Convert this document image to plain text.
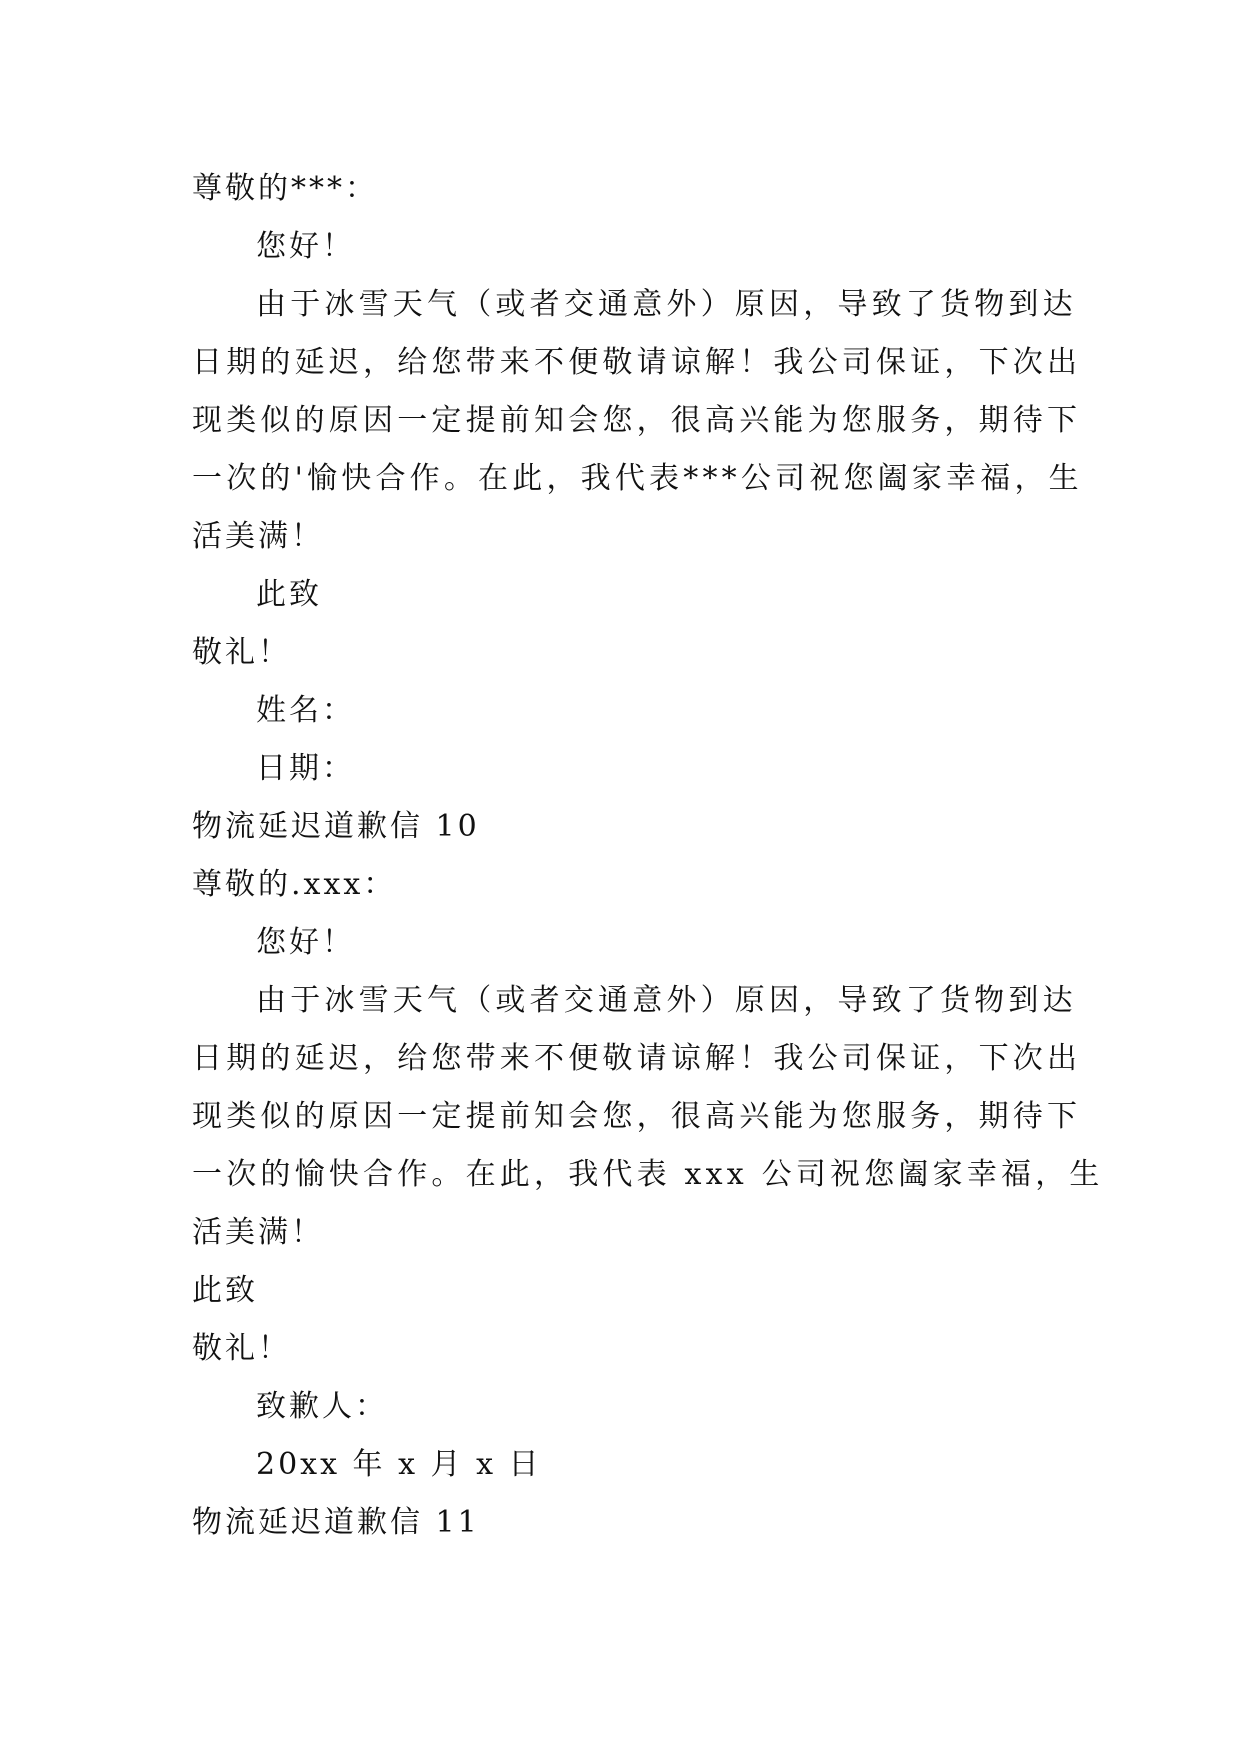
尊敬的***：
您好！
由于冰雪天气（或者交通意外）原因，导致了货物到达
日期的延迟，给您带来不便敬请谅解！我公司保证，下次出
现类似的原因一定提前知会您，很高兴能为您服务，期待下
一次的'愉快合作。在此，我代表***公司祝您阖家幸福，生
活美满！
此致
敬礼！
姓名：
日期：
物流延迟道歉信 10
尊敬的.xxx：
您好！
由于冰雪天气（或者交通意外）原因，导致了货物到达
日期的延迟，给您带来不便敬请谅解！我公司保证，下次出
现类似的原因一定提前知会您，很高兴能为您服务，期待下
一次的愉快合作。在此，我代表 xxx 公司祝您阖家幸福，生
活美满！
此致
敬礼！
致歉人：
20xx 年 x 月 x 日
物流延迟道歉信 11
